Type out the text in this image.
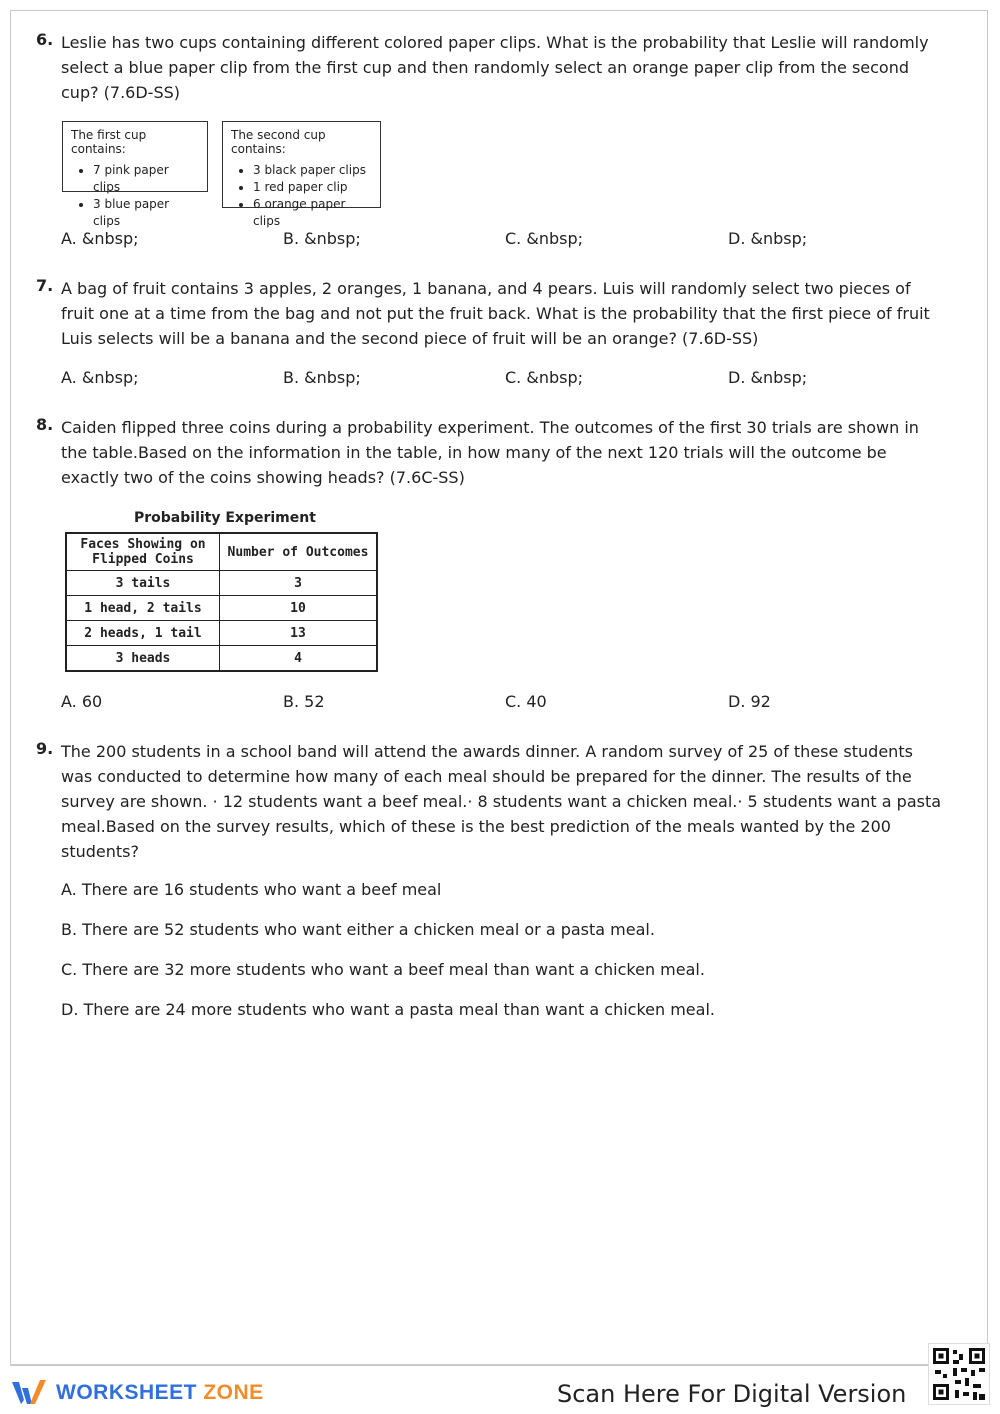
6. Leslie has two cups containing different colored paper clips. What is the probability that Leslie will randomly select a blue paper clip from the first cup and then randomly select an orange paper clip from the second cup? (7.6D-SS)
The first cup contains:
• 7 pink paper clips
• 3 blue paper clips
The second cup contains:
• 3 black paper clips
• 1 red paper clip
• 6 orange paper clips
A. &nbsp;	B. &nbsp;	C. &nbsp;	D. &nbsp;
7. A bag of fruit contains 3 apples, 2 oranges, 1 banana, and 4 pears. Luis will randomly select two pieces of fruit one at a time from the bag and not put the fruit back. What is the probability that the first piece of fruit Luis selects will be a banana and the second piece of fruit will be an orange? (7.6D-SS)
A. &nbsp;	B. &nbsp;	C. &nbsp;	D. &nbsp;
8. Caiden flipped three coins during a probability experiment. The outcomes of the first 30 trials are shown in the table.Based on the information in the table, in how many of the next 120 trials will the outcome be exactly two of the coins showing heads? (7.6C-SS)
Probability Experiment
Faces Showing on Flipped Coins	Number of Outcomes
3 tails	3
1 head, 2 tails	10
2 heads, 1 tail	13
3 heads	4
A. 60	B. 52	C. 40	D. 92
9. The 200 students in a school band will attend the awards dinner. A random survey of 25 of these students was conducted to determine how many of each meal should be prepared for the dinner. The results of the survey are shown. · 12 students want a beef meal.· 8 students want a chicken meal.· 5 students want a pasta meal.Based on the survey results, which of these is the best prediction of the meals wanted by the 200 students?
A. There are 16 students who want a beef meal
B. There are 52 students who want either a chicken meal or a pasta meal.
C. There are 32 more students who want a beef meal than want a chicken meal.
D. There are 24 more students who want a pasta meal than want a chicken meal.
WORKSHEET ZONE	Scan Here For Digital Version
